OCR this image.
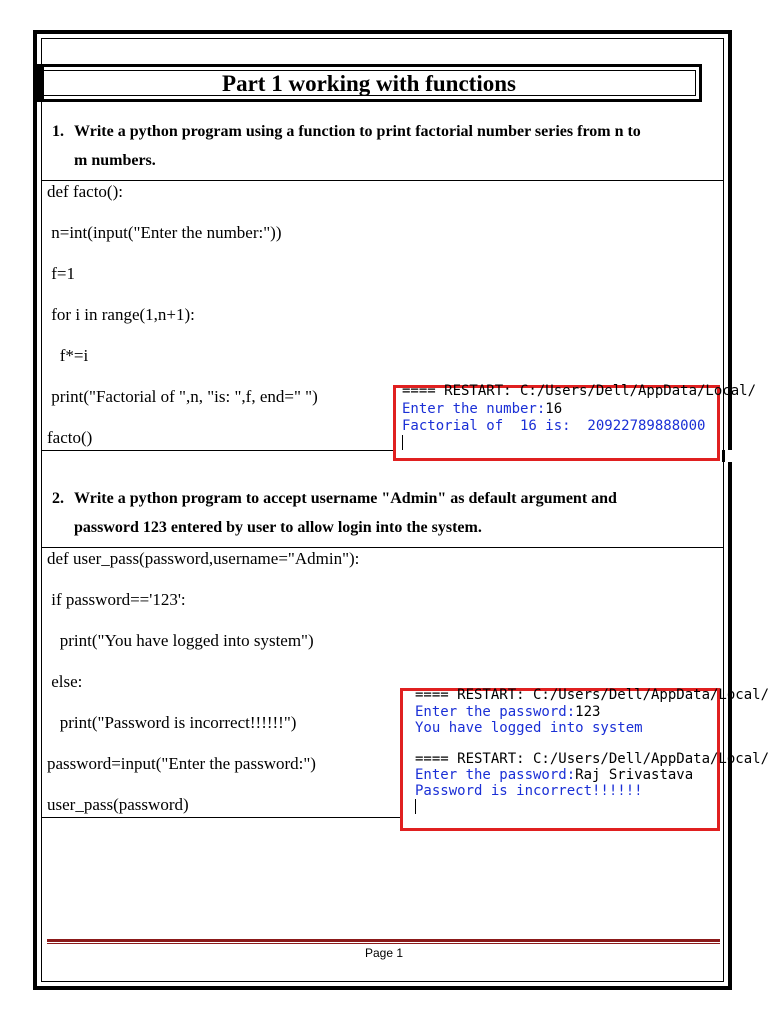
Part 1 working with functions
1. Write a python program using a function to print factorial number series from n to
m numbers.
def facto():
n=int(input("Enter the number:"))
f=1
for i in range(1,n+1):
f*=i
print("Factorial of ",n, "is: ",f, end=" ")
facto()
==== RESTART: C:/Users/Dell/AppData/Local/
Enter the number:16
Factorial of  16 is:  20922789888000
2. Write a python program to accept username "Admin" as default argument and
password 123 entered by user to allow login into the system.
def user_pass(password,username="Admin"):
if password=='123':
print("You have logged into system")
else:
print("Password is incorrect!!!!!!")
password=input("Enter the password:")
user_pass(password)
==== RESTART: C:/Users/Dell/AppData/Local/
Enter the password:123
You have logged into system
==== RESTART: C:/Users/Dell/AppData/Local/
Enter the password:Raj Srivastava
Password is incorrect!!!!!!
Page 1
